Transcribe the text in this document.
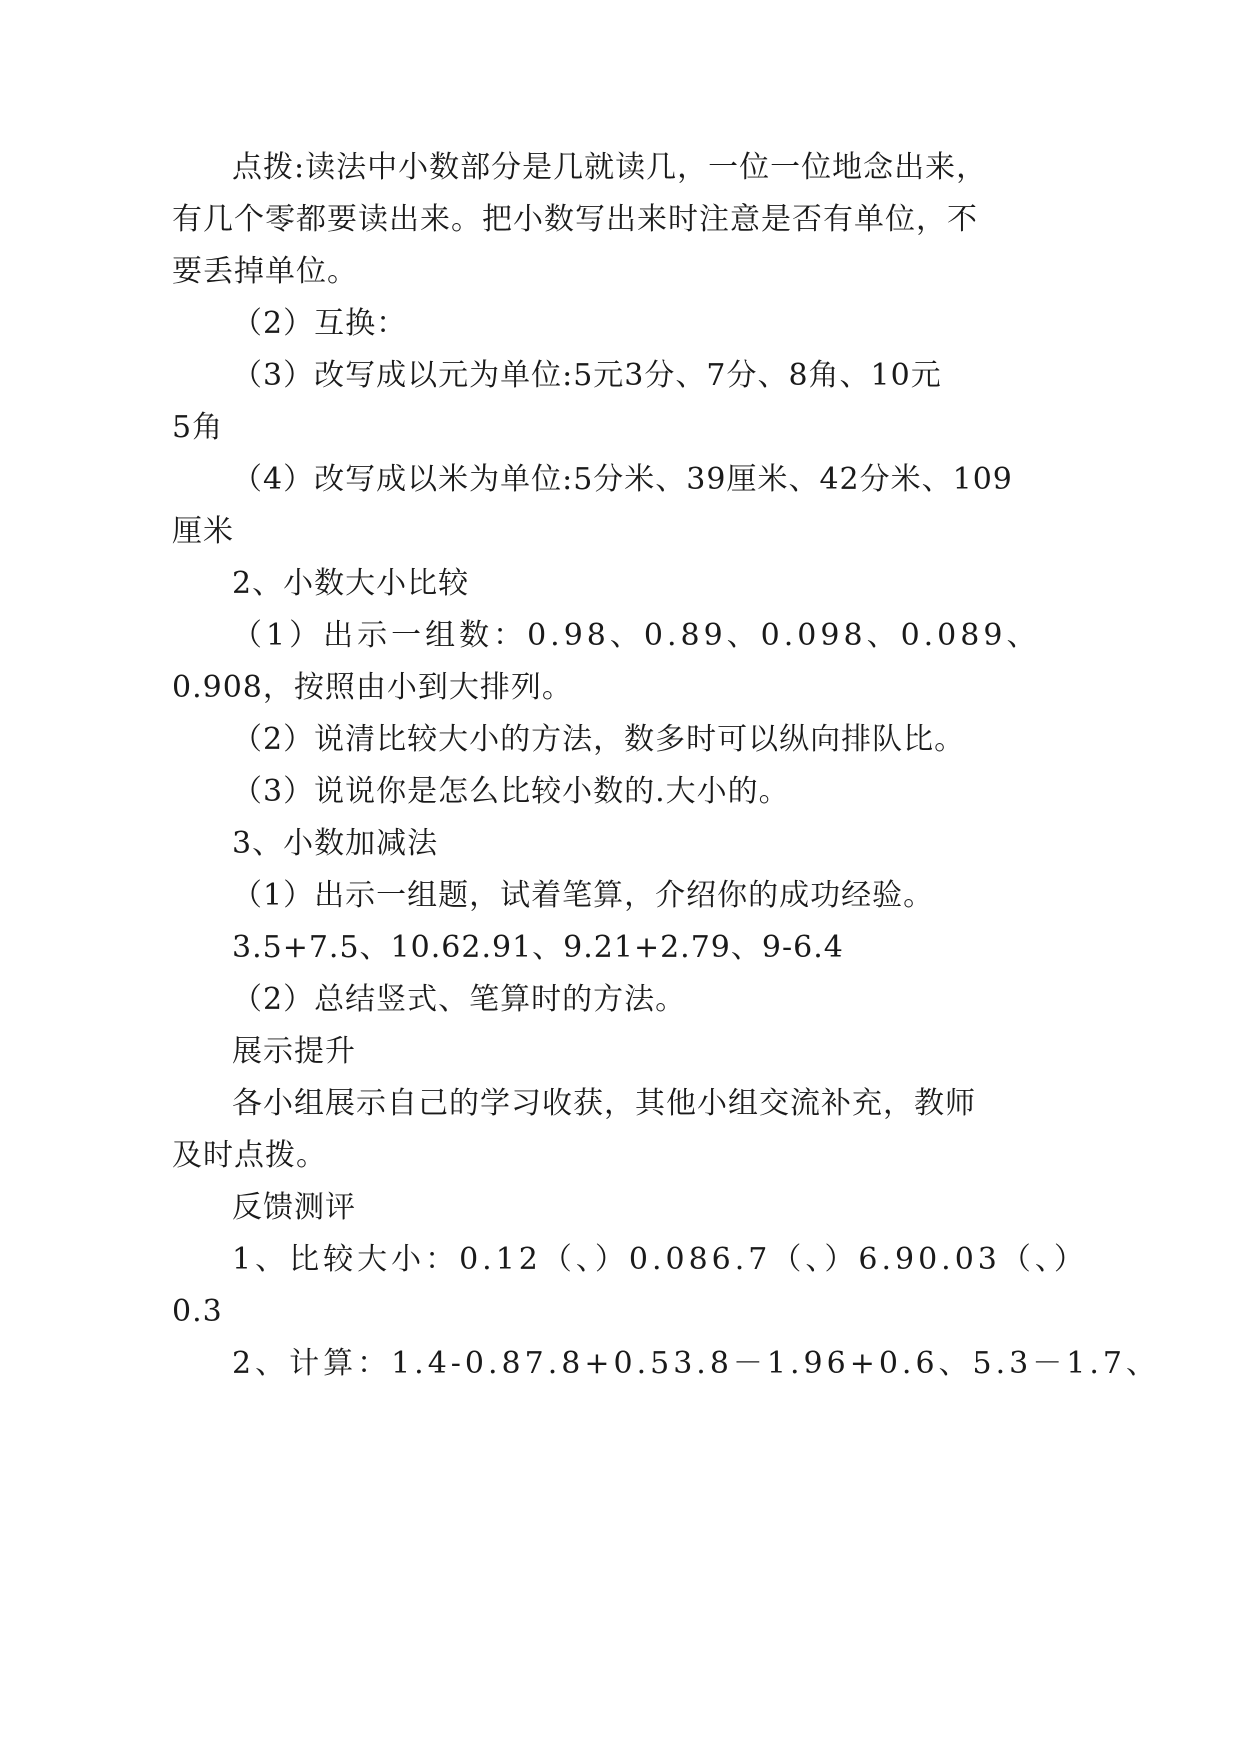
点拨:读法中小数部分是几就读几，一位一位地念出来，
有几个零都要读出来。把小数写出来时注意是否有单位，不
要丢掉单位。
（2）互换：
（3）改写成以元为单位:5元3分、7分、8角、10元
5角
（4）改写成以米为单位:5分米、39厘米、42分米、109
厘米
2、小数大小比较
（1）出示一组数：0.98、0.89、0.098、0.089、
0.908，按照由小到大排列。
（2）说清比较大小的方法，数多时可以纵向排队比。
（3）说说你是怎么比较小数的.大小的。
3、小数加减法
（1）出示一组题，试着笔算，介绍你的成功经验。
3.5+7.5、10.62.91、9.21+2.79、9-6.4
（2）总结竖式、笔算时的方法。
展示提升
各小组展示自己的学习收获，其他小组交流补充，教师
及时点拨。
反馈测评
1、比较大小：0.12（、）0.086.7（、）6.90.03（、）
0.3
2、计算：1.4-0.87.8+0.53.8－1.96+0.6、5.3－1.7、
